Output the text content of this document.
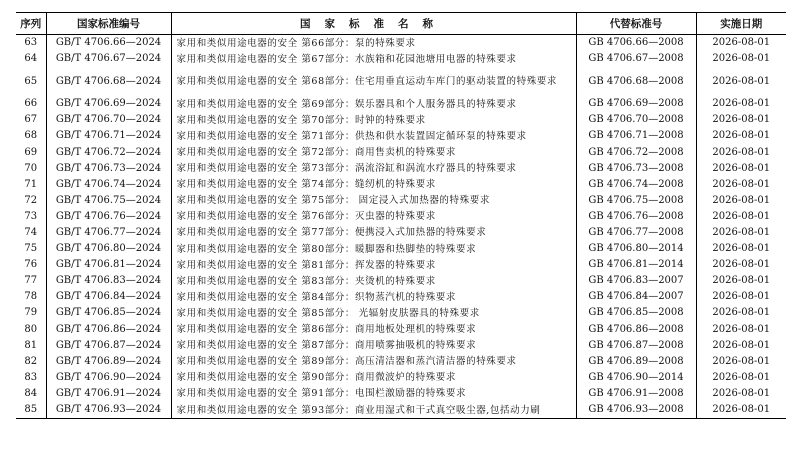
序列	国家标准编号	国家标准名称	代替标准号	实施日期
63	GB/T 4706.66—2024	家用和类似用途电器的安全 第66部分：泵的特殊要求	GB 4706.66—2008	2026-08-01
64	GB/T 4706.67—2024	家用和类似用途电器的安全 第67部分：水族箱和花园池塘用电器的特殊要求	GB 4706.67—2008	2026-08-01
65	GB/T 4706.68—2024	家用和类似用途电器的安全 第68部分：住宅用垂直运动车库门的驱动装置的特殊要求	GB 4706.68—2008	2026-08-01
66	GB/T 4706.69—2024	家用和类似用途电器的安全 第69部分：娱乐器具和个人服务器具的特殊要求	GB 4706.69—2008	2026-08-01
67	GB/T 4706.70—2024	家用和类似用途电器的安全 第70部分：时钟的特殊要求	GB 4706.70—2008	2026-08-01
68	GB/T 4706.71—2024	家用和类似用途电器的安全 第71部分：供热和供水装置固定循环泵的特殊要求	GB 4706.71—2008	2026-08-01
69	GB/T 4706.72—2024	家用和类似用途电器的安全 第72部分：商用售卖机的特殊要求	GB 4706.72—2008	2026-08-01
70	GB/T 4706.73—2024	家用和类似用途电器的安全 第73部分：涡流浴缸和涡流水疗器具的特殊要求	GB 4706.73—2008	2026-08-01
71	GB/T 4706.74—2024	家用和类似用途电器的安全 第74部分：缝纫机的特殊要求	GB 4706.74—2008	2026-08-01
72	GB/T 4706.75—2024	家用和类似用途电器的安全 第75部分： 固定浸入式加热器的特殊要求	GB 4706.75—2008	2026-08-01
73	GB/T 4706.76—2024	家用和类似用途电器的安全 第76部分：灭虫器的特殊要求	GB 4706.76—2008	2026-08-01
74	GB/T 4706.77—2024	家用和类似用途电器的安全 第77部分：便携浸入式加热器的特殊要求	GB 4706.77—2008	2026-08-01
75	GB/T 4706.80—2024	家用和类似用途电器的安全 第80部分：暖脚器和热脚垫的特殊要求	GB 4706.80—2014	2026-08-01
76	GB/T 4706.81—2024	家用和类似用途电器的安全 第81部分：挥发器的特殊要求	GB 4706.81—2014	2026-08-01
77	GB/T 4706.83—2024	家用和类似用途电器的安全 第83部分：夹烫机的特殊要求	GB 4706.83—2007	2026-08-01
78	GB/T 4706.84—2024	家用和类似用途电器的安全 第84部分：织物蒸汽机的特殊要求	GB 4706.84—2007	2026-08-01
79	GB/T 4706.85—2024	家用和类似用途电器的安全 第85部分： 光辐射皮肤器具的特殊要求	GB 4706.85—2008	2026-08-01
80	GB/T 4706.86—2024	家用和类似用途电器的安全 第86部分：商用地板处理机的特殊要求	GB 4706.86—2008	2026-08-01
81	GB/T 4706.87—2024	家用和类似用途电器的安全 第87部分：商用喷雾抽吸机的特殊要求	GB 4706.87—2008	2026-08-01
82	GB/T 4706.89—2024	家用和类似用途电器的安全 第89部分：高压清洁器和蒸汽清洁器的特殊要求	GB 4706.89—2008	2026-08-01
83	GB/T 4706.90—2024	家用和类似用途电器的安全 第90部分：商用微波炉的特殊要求	GB 4706.90—2014	2026-08-01
84	GB/T 4706.91—2024	家用和类似用途电器的安全 第91部分：电围栏激励器的特殊要求	GB 4706.91—2008	2026-08-01
85	GB/T 4706.93—2024	家用和类似用途电器的安全 第93部分：商业用湿式和干式真空吸尘器,包括动力刷	GB 4706.93—2008	2026-08-01
